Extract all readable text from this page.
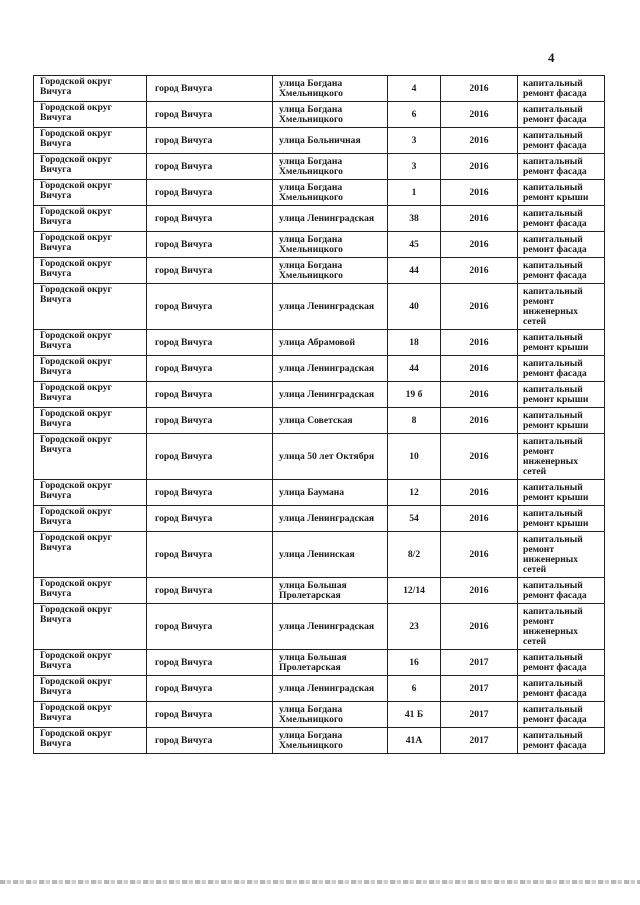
4
Городской округ Вичуга	город Вичуга	улица Богдана Хмельницкого	4	2016	капитальный ремонт фасада
Городской округ Вичуга	город Вичуга	улица Богдана Хмельницкого	6	2016	капитальный ремонт фасада
Городской округ Вичуга	город Вичуга	улица Больничная	3	2016	капитальный ремонт фасада
Городской округ Вичуга	город Вичуга	улица Богдана Хмельницкого	3	2016	капитальный ремонт фасада
Городской округ Вичуга	город Вичуга	улица Богдана Хмельницкого	1	2016	капитальный ремонт крыши
Городской округ Вичуга	город Вичуга	улица Ленинградская	38	2016	капитальный ремонт фасада
Городской округ Вичуга	город Вичуга	улица Богдана Хмельницкого	45	2016	капитальный ремонт фасада
Городской округ Вичуга	город Вичуга	улица Богдана Хмельницкого	44	2016	капитальный ремонт фасада
Городской округ Вичуга	город Вичуга	улица Ленинградская	40	2016	капитальный ремонт инженерных сетей
Городской округ Вичуга	город Вичуга	улица Абрамовой	18	2016	капитальный ремонт крыши
Городской округ Вичуга	город Вичуга	улица Ленинградская	44	2016	капитальный ремонт фасада
Городской округ Вичуга	город Вичуга	улица Ленинградская	19 б	2016	капитальный ремонт крыши
Городской округ Вичуга	город Вичуга	улица Советская	8	2016	капитальный ремонт крыши
Городской округ Вичуга	город Вичуга	улица 50 лет Октября	10	2016	капитальный ремонт инженерных сетей
Городской округ Вичуга	город Вичуга	улица Баумана	12	2016	капитальный ремонт крыши
Городской округ Вичуга	город Вичуга	улица Ленинградская	54	2016	капитальный ремонт крыши
Городской округ Вичуга	город Вичуга	улица Ленинская	8/2	2016	капитальный ремонт инженерных сетей
Городской округ Вичуга	город Вичуга	улица Большая Пролетарская	12/14	2016	капитальный ремонт фасада
Городской округ Вичуга	город Вичуга	улица Ленинградская	23	2016	капитальный ремонт инженерных сетей
Городской округ Вичуга	город Вичуга	улица Большая Пролетарская	16	2017	капитальный ремонт фасада
Городской округ Вичуга	город Вичуга	улица Ленинградская	6	2017	капитальный ремонт фасада
Городской округ Вичуга	город Вичуга	улица Богдана Хмельницкого	41 Б	2017	капитальный ремонт фасада
Городской округ Вичуга	город Вичуга	улица Богдана Хмельницкого	41А	2017	капитальный ремонт фасада
